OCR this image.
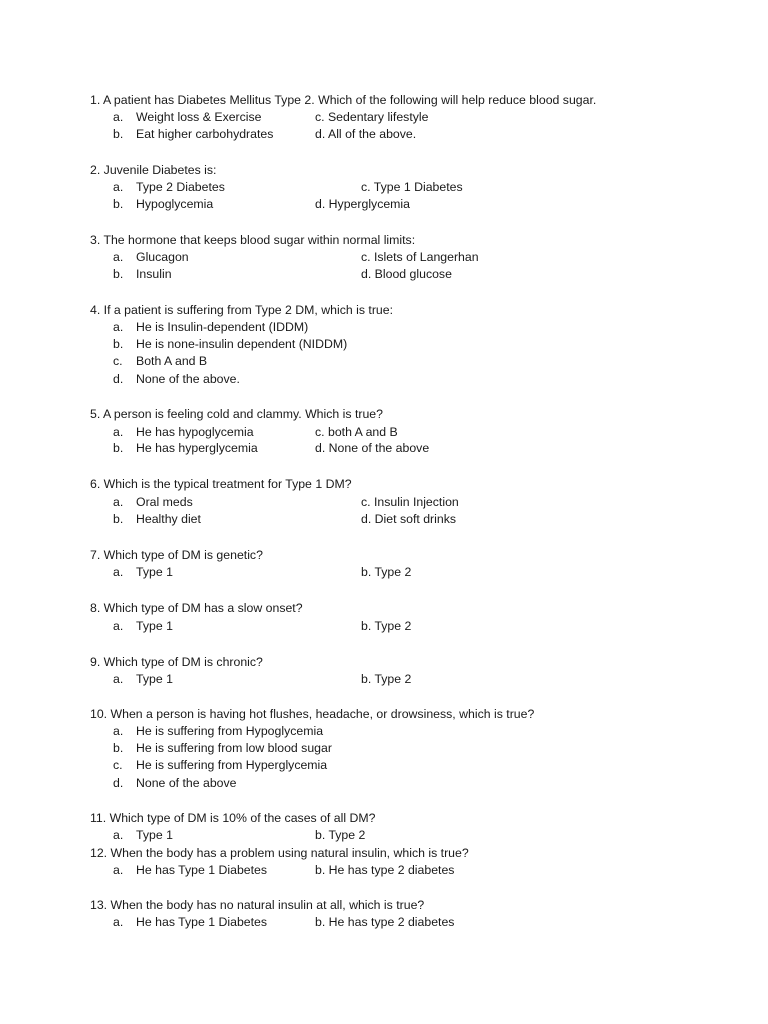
1. A patient has Diabetes Mellitus Type 2. Which of the following will help reduce blood sugar.
a. Weight loss & Exercise	c. Sedentary lifestyle
b. Eat higher carbohydrates	d. All of the above.
2. Juvenile Diabetes is:
a. Type 2 Diabetes	c. Type 1 Diabetes
b. Hypoglycemia	d. Hyperglycemia
3. The hormone that keeps blood sugar within normal limits:
a. Glucagon	c. Islets of Langerhan
b. Insulin	d. Blood glucose
4. If a patient is suffering from Type 2 DM, which is true:
a. He is Insulin-dependent (IDDM)
b. He is none-insulin dependent (NIDDM)
c. Both A and B
d. None of the above.
5. A person is feeling cold and clammy. Which is true?
a. He has hypoglycemia	c. both A and B
b. He has hyperglycemia	d. None of the above
6. Which is the typical treatment for Type 1 DM?
a. Oral meds	c. Insulin Injection
b. Healthy diet	d. Diet soft drinks
7. Which type of DM is genetic?
a. Type 1	b. Type 2
8. Which type of DM has a slow onset?
a. Type 1	b. Type 2
9. Which type of DM is chronic?
a. Type 1	b. Type 2
10. When a person is having hot flushes, headache, or drowsiness, which is true?
a. He is suffering from Hypoglycemia
b. He is suffering from low blood sugar
c. He is suffering from Hyperglycemia
d. None of the above
11. Which type of DM is 10% of the cases of all DM?
a. Type 1	b. Type 2
12. When the body has a problem using natural insulin, which is true?
a. He has Type 1 Diabetes	b. He has type 2 diabetes
13. When the body has no natural insulin at all, which is true?
a. He has Type 1 Diabetes	b. He has type 2 diabetes
